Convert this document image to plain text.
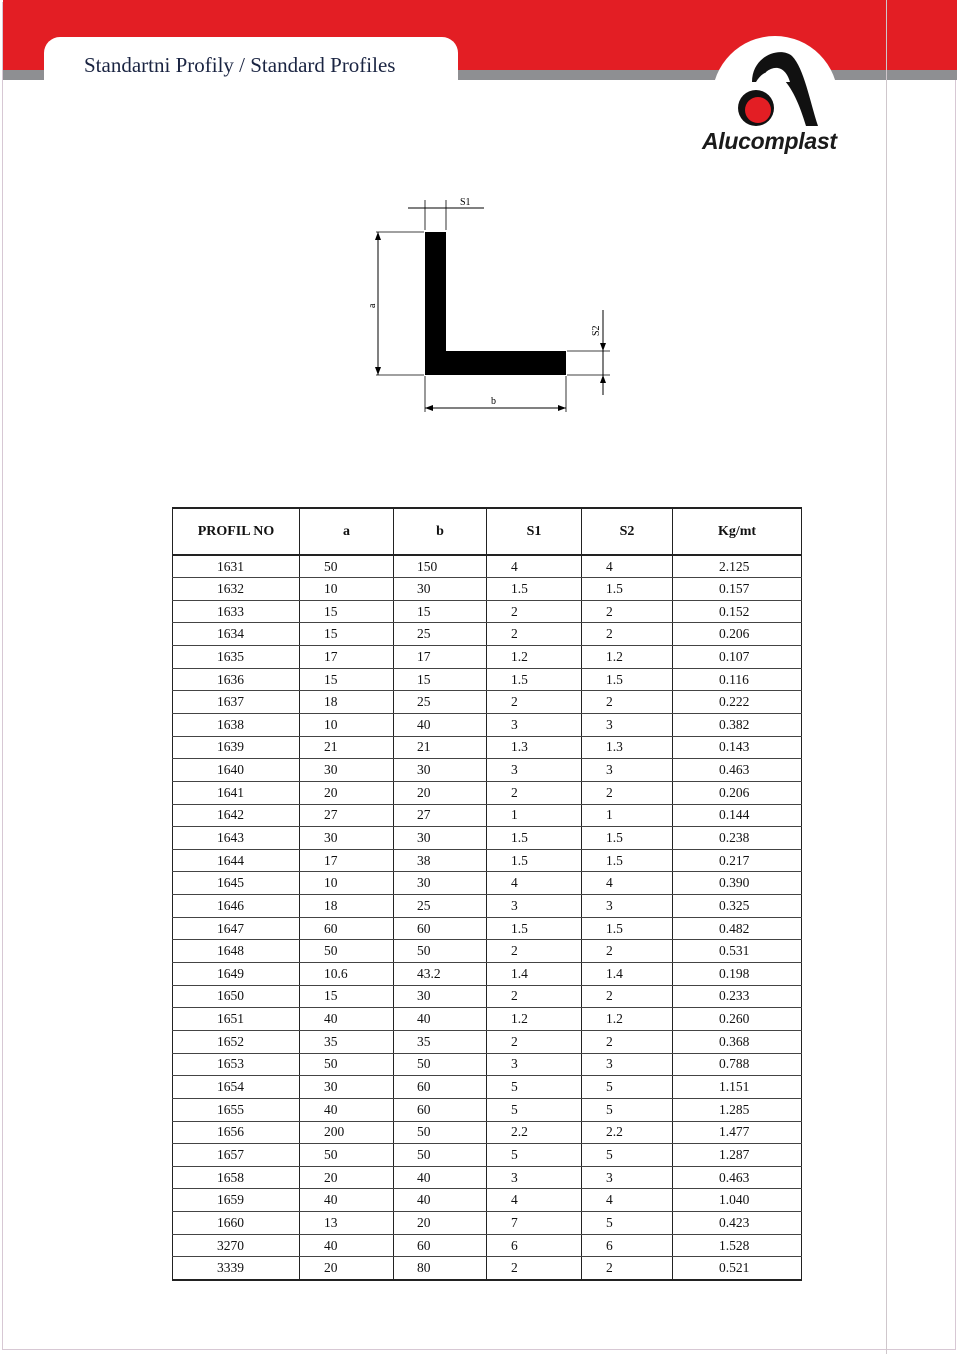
Standartni Profily / Standard Profiles
Alucomplast
S1
a
S2
b
PROFIL NO	a	b	S1	S2	Kg/mt
1631	50	150	4	4	2.125
1632	10	30	1.5	1.5	0.157
1633	15	15	2	2	0.152
1634	15	25	2	2	0.206
1635	17	17	1.2	1.2	0.107
1636	15	15	1.5	1.5	0.116
1637	18	25	2	2	0.222
1638	10	40	3	3	0.382
1639	21	21	1.3	1.3	0.143
1640	30	30	3	3	0.463
1641	20	20	2	2	0.206
1642	27	27	1	1	0.144
1643	30	30	1.5	1.5	0.238
1644	17	38	1.5	1.5	0.217
1645	10	30	4	4	0.390
1646	18	25	3	3	0.325
1647	60	60	1.5	1.5	0.482
1648	50	50	2	2	0.531
1649	10.6	43.2	1.4	1.4	0.198
1650	15	30	2	2	0.233
1651	40	40	1.2	1.2	0.260
1652	35	35	2	2	0.368
1653	50	50	3	3	0.788
1654	30	60	5	5	1.151
1655	40	60	5	5	1.285
1656	200	50	2.2	2.2	1.477
1657	50	50	5	5	1.287
1658	20	40	3	3	0.463
1659	40	40	4	4	1.040
1660	13	20	7	5	0.423
3270	40	60	6	6	1.528
3339	20	80	2	2	0.521
